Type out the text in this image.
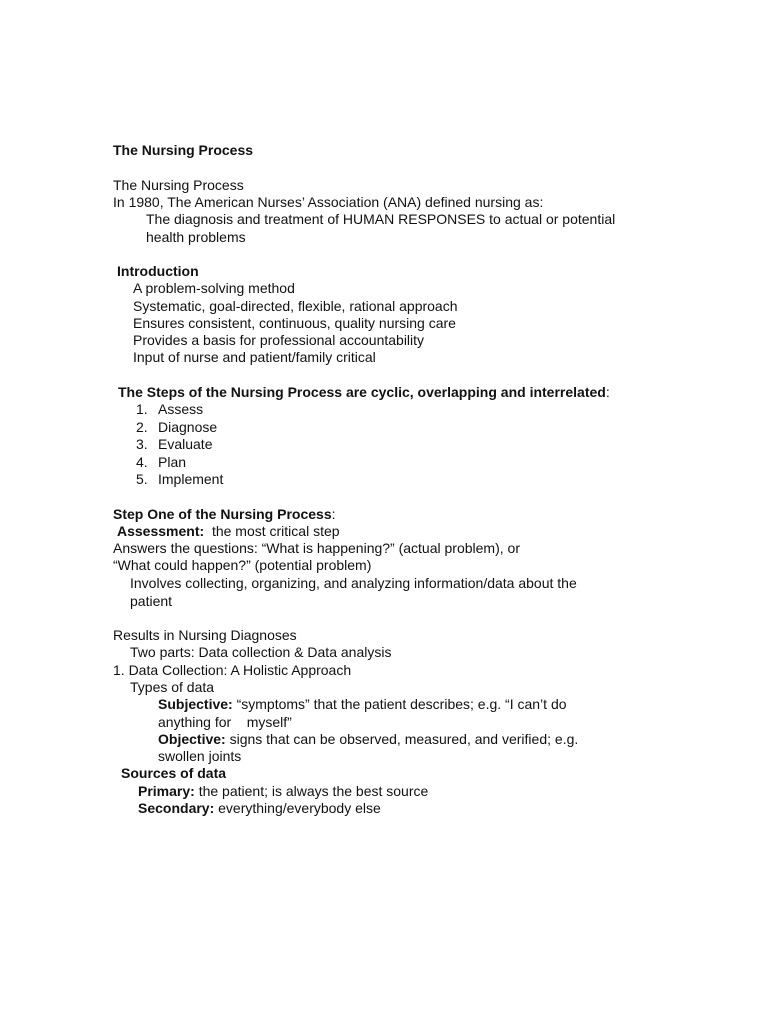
The Nursing Process
The Nursing Process
In 1980, The American Nurses’ Association (ANA) defined nursing as:
The diagnosis and treatment of HUMAN RESPONSES to actual or potential
health problems
Introduction
A problem-solving method
Systematic, goal-directed, flexible, rational approach
Ensures consistent, continuous, quality nursing care
Provides a basis for professional accountability
Input of nurse and patient/family critical
The Steps of the Nursing Process are cyclic, overlapping and interrelated:
1. Assess
2. Diagnose
3. Evaluate
4. Plan
5. Implement
Step One of the Nursing Process:
Assessment: the most critical step
Answers the questions: “What is happening?” (actual problem), or
“What could happen?” (potential problem)
Involves collecting, organizing, and analyzing information/data about the
patient
Results in Nursing Diagnoses
Two parts: Data collection & Data analysis
1. Data Collection: A Holistic Approach
Types of data
Subjective: “symptoms” that the patient describes; e.g. “I can’t do
anything for    myself”
Objective: signs that can be observed, measured, and verified; e.g.
swollen joints
Sources of data
Primary: the patient; is always the best source
Secondary: everything/everybody else
